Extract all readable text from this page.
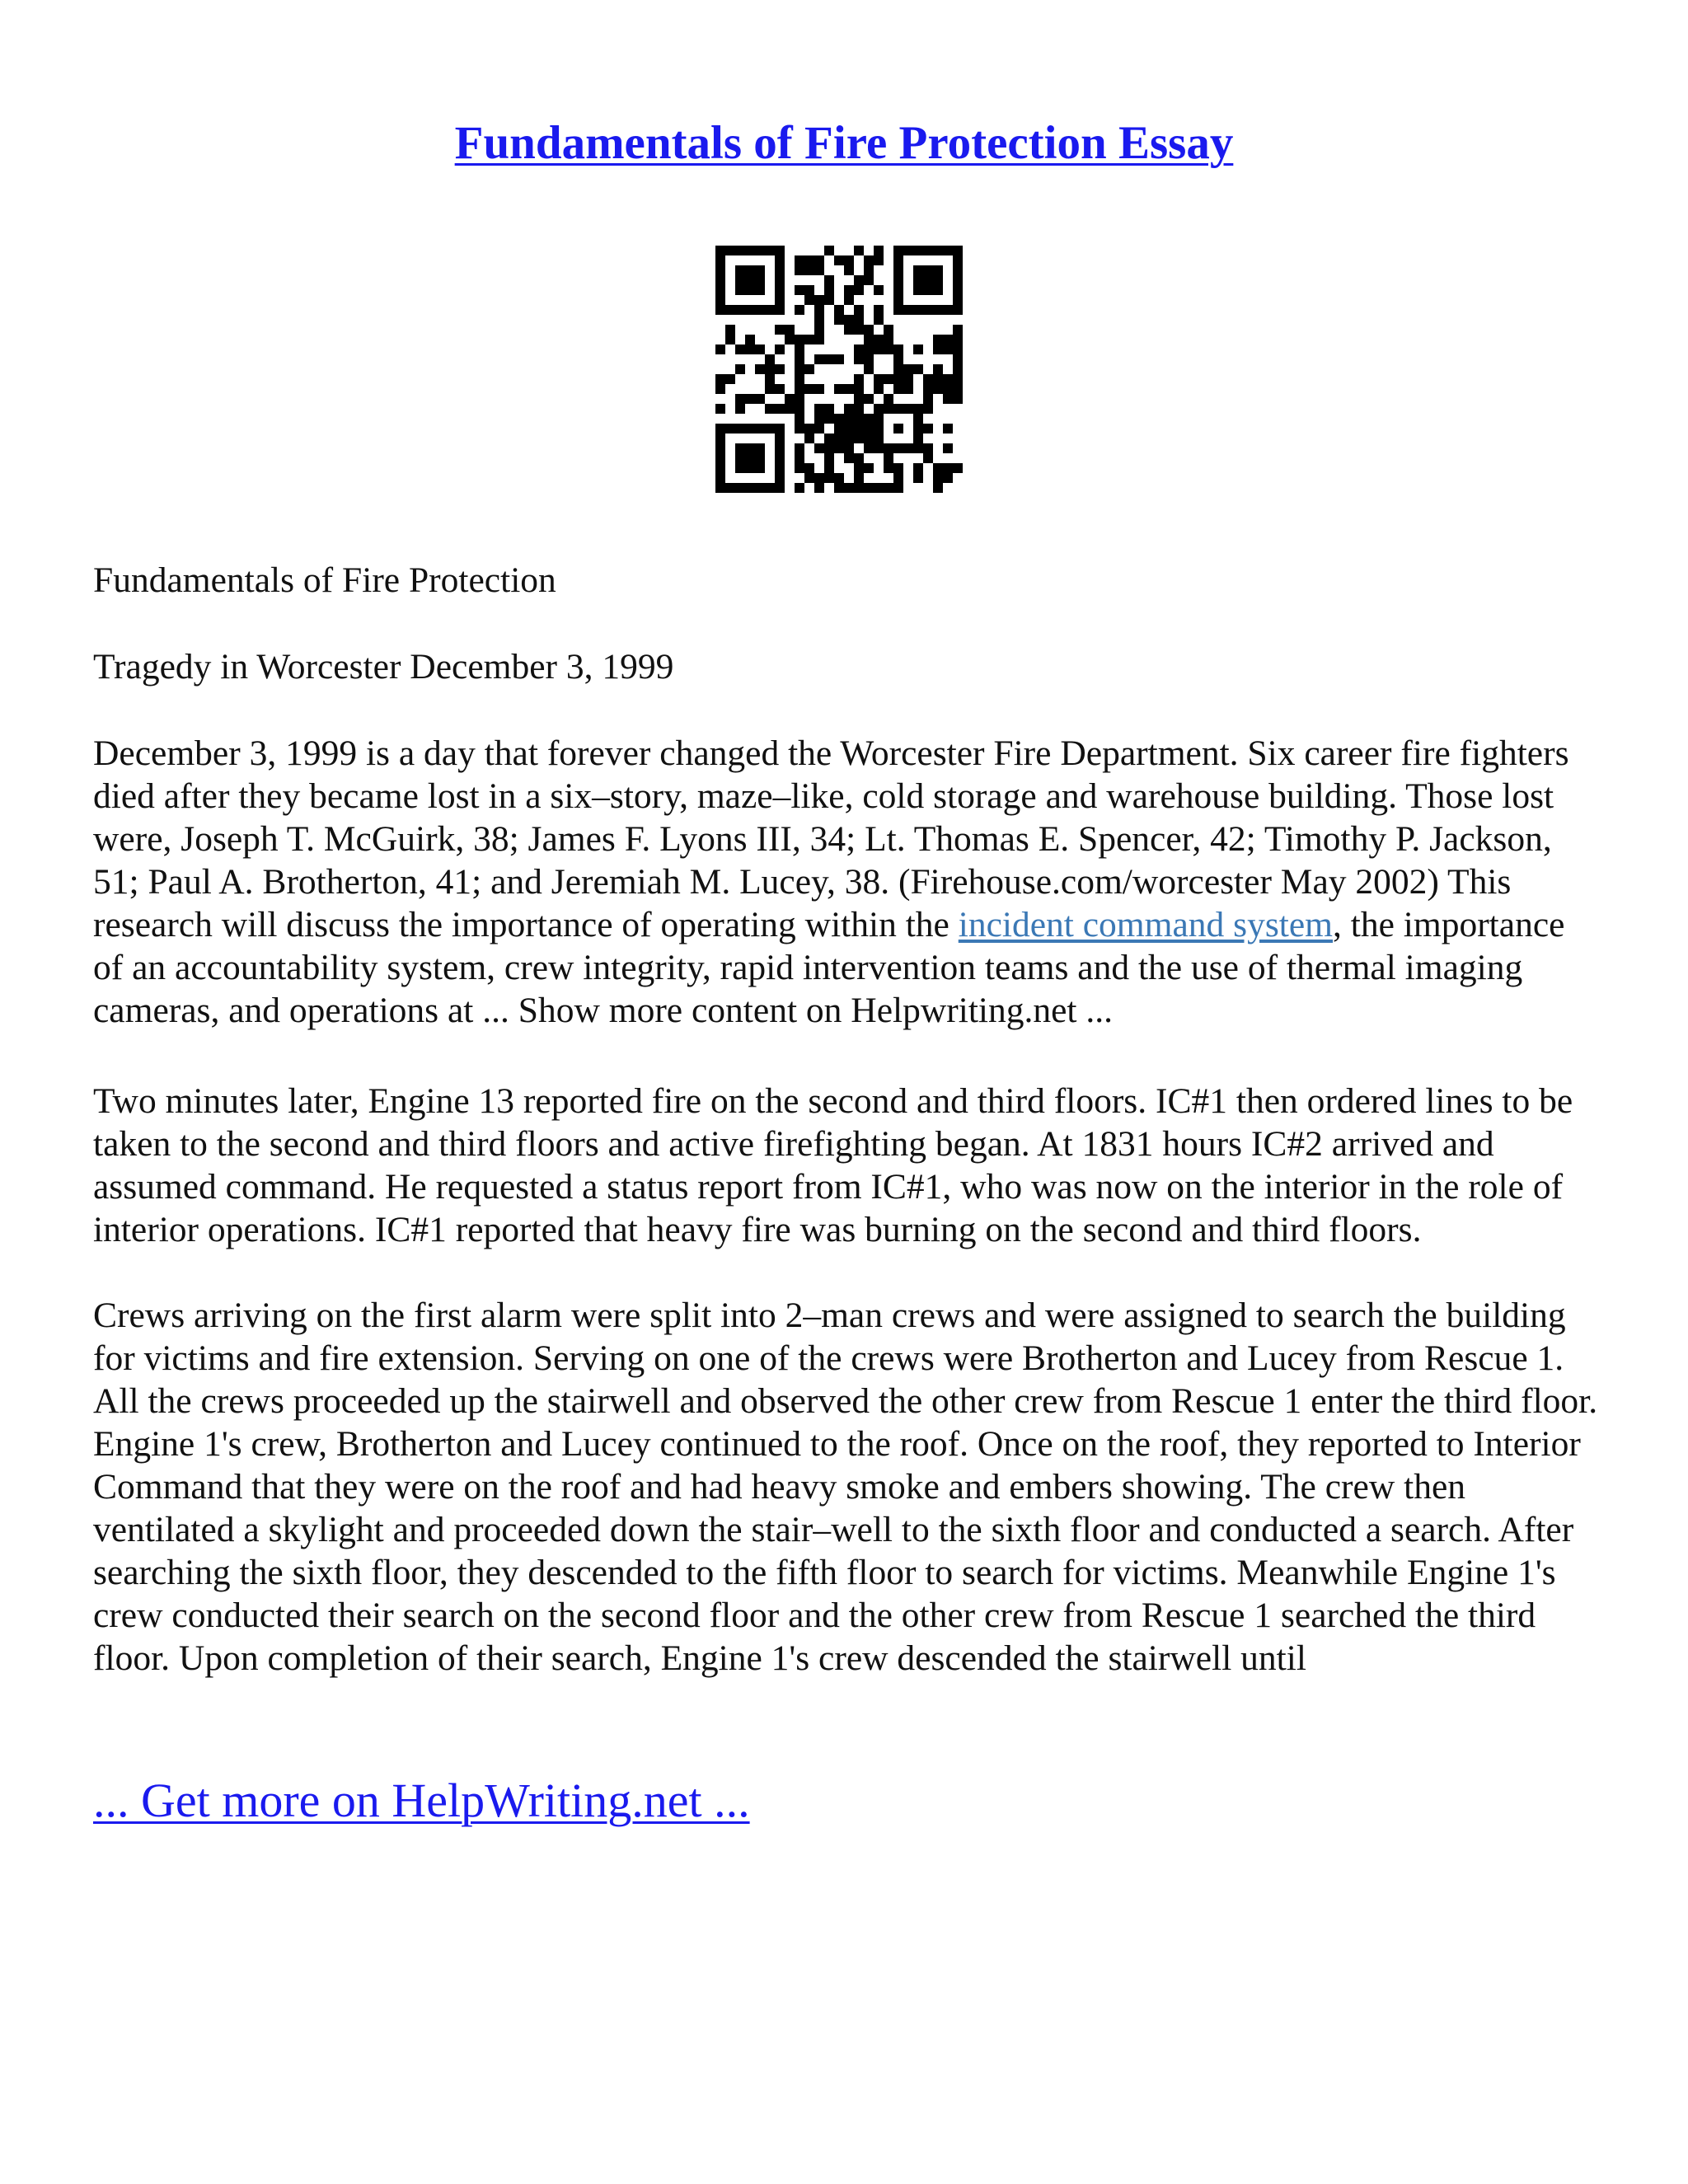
Fundamentals of Fire Protection Essay

Fundamentals of Fire Protection

Tragedy in Worcester December 3, 1999

December 3, 1999 is a day that forever changed the Worcester Fire Department. Six career fire fighters died after they became lost in a six–story, maze–like, cold storage and warehouse building. Those lost were, Joseph T. McGuirk, 38; James F. Lyons III, 34; Lt. Thomas E. Spencer, 42; Timothy P. Jackson, 51; Paul A. Brotherton, 41; and Jeremiah M. Lucey, 38. (Firehouse.com/worcester May 2002) This research will discuss the importance of operating within the incident command system, the importance of an accountability system, crew integrity, rapid intervention teams and the use of thermal imaging cameras, and operations at ... Show more content on Helpwriting.net ...

Two minutes later, Engine 13 reported fire on the second and third floors. IC#1 then ordered lines to be taken to the second and third floors and active firefighting began. At 1831 hours IC#2 arrived and assumed command. He requested a status report from IC#1, who was now on the interior in the role of interior operations. IC#1 reported that heavy fire was burning on the second and third floors.

Crews arriving on the first alarm were split into 2–man crews and were assigned to search the building for victims and fire extension. Serving on one of the crews were Brotherton and Lucey from Rescue 1. All the crews proceeded up the stairwell and observed the other crew from Rescue 1 enter the third floor. Engine 1's crew, Brotherton and Lucey continued to the roof. Once on the roof, they reported to Interior Command that they were on the roof and had heavy smoke and embers showing. The crew then ventilated a skylight and proceeded down the stair–well to the sixth floor and conducted a search. After searching the sixth floor, they descended to the fifth floor to search for victims. Meanwhile Engine 1's crew conducted their search on the second floor and the other crew from Rescue 1 searched the third floor. Upon completion of their search, Engine 1's crew descended the stairwell until

... Get more on HelpWriting.net ...
